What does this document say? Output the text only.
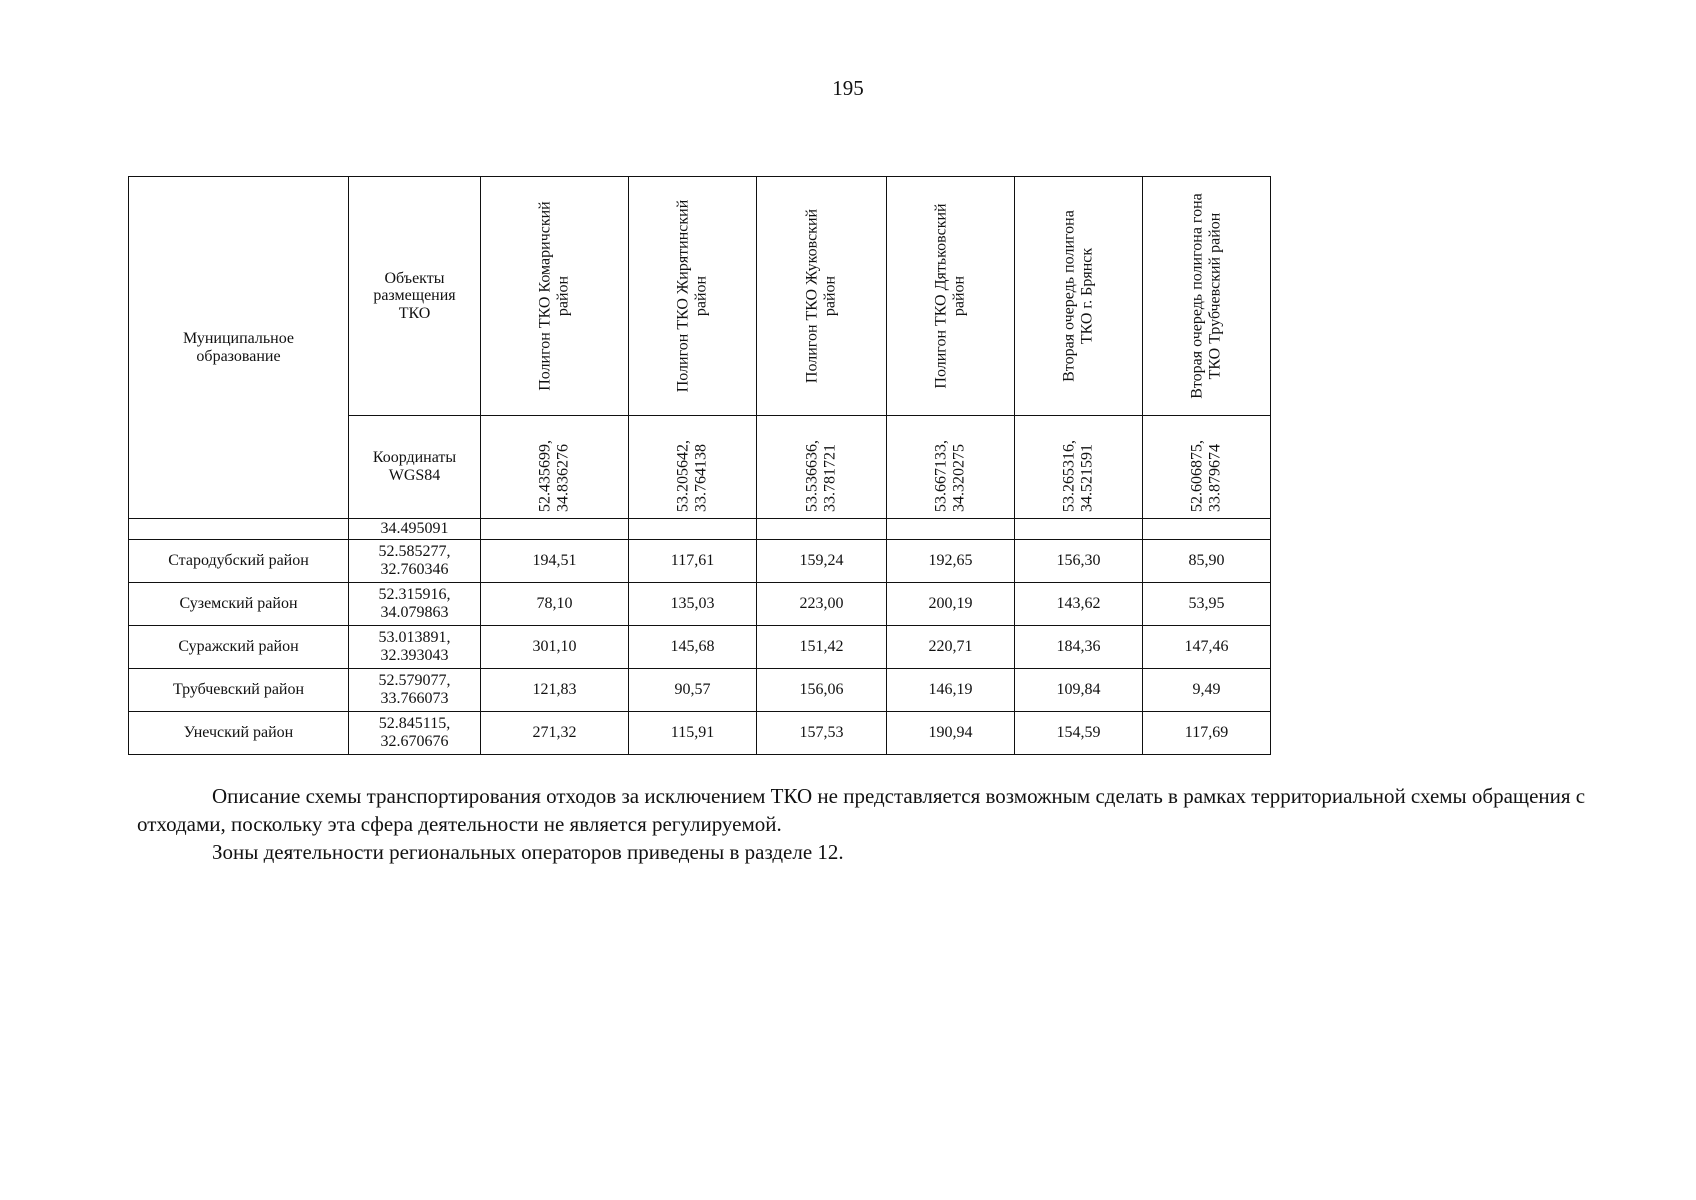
195
Муниципальное образование	Объекты размещения ТКО	Полигон ТКО Комаричский район	Полигон ТКО Жирятинский район	Полигон ТКО Жуковский район	Полигон ТКО Дятьковский район	Вторая очередь полигона ТКО г. Брянск	Вторая очередь полигона гона ТКО Трубчевский район

	Координаты WGS84	52.435699, 34.836276	53.205642, 33.764138	53.536636, 33.781721	53.667133, 34.320275	53.265316, 34.521591	52.606875, 33.879674

	34.495091						
Стародубский район	52.585277, 32.760346	194,51	117,61	159,24	192,65	156,30	85,90
Суземский район	52.315916, 34.079863	78,10	135,03	223,00	200,19	143,62	53,95
Суражский район	53.013891, 32.393043	301,10	145,68	151,42	220,71	184,36	147,46
Трубчевский район	52.579077, 33.766073	121,83	90,57	156,06	146,19	109,84	9,49
Унечский район	52.845115, 32.670676	271,32	115,91	157,53	190,94	154,59	117,69
Описание схемы транспортирования отходов за исключением ТКО не представляется возможным сделать в рамках территориальной схемы обращения с отходами, поскольку эта сфера деятельности не является регулируемой.
Зоны деятельности региональных операторов приведены в разделе 12.
